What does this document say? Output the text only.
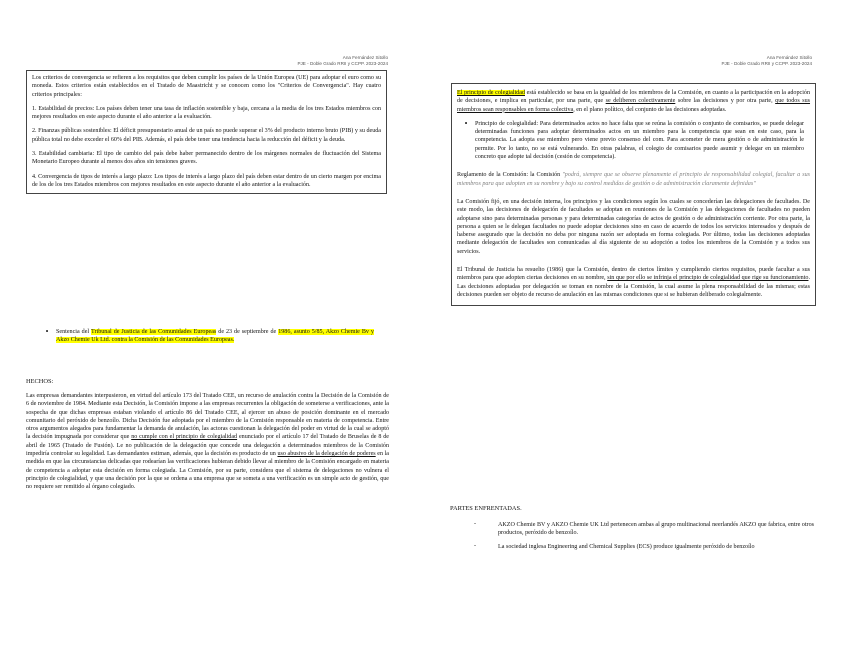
Ana Fernández Sitollo
PJE - Doble Grado RRII y CCPP. 2023-2024

Los criterios de convergencia se refieren a los requisitos que deben cumplir los países de la Unión Europea (UE) para adoptar el euro como su moneda. Estos criterios están establecidos en el Tratado de Maastricht y se conocen como los "Criterios de Convergencia". Hay cuatro criterios principales:

1. Estabilidad de precios: Los países deben tener una tasa de inflación sostenible y baja, cercana a la media de los tres Estados miembros con mejores resultados en este aspecto durante el año anterior a la evaluación.

2. Finanzas públicas sostenibles: El déficit presupuestario anual de un país no puede superar el 3% del producto interno bruto (PIB) y su deuda pública total no debe exceder el 60% del PIB. Además, el país debe tener una tendencia hacia la reducción del déficit y la deuda.

3. Estabilidad cambiaria: El tipo de cambio del país debe haber permanecido dentro de los márgenes normales de fluctuación del Sistema Monetario Europeo durante al menos dos años sin tensiones graves.

4. Convergencia de tipos de interés a largo plazo: Los tipos de interés a largo plazo del país deben estar dentro de un cierto margen por encima de los de los tres Estados miembros con mejores resultados en este aspecto durante el año anterior a la evaluación.

•	Sentencia del Tribunal de Justicia de las Comunidades Europeas de 23 de septiembre de 1986, asunto 5/85, Akzo Chemie Bv y Akzo Chemie Uk Ltd. contra la Comisión de las Comunidades Europeas.

HECHOS:

Las empresas demandantes interpusieron, en virtud del artículo 173 del Tratado CEE, un recurso de anulación contra la Decisión de la Comisión de 6 de noviembre de 1984. Mediante esta Decisión, la Comisión impone a las empresas recurrentes la obligación de someterse a verificaciones, ante la sospecha de que dichas empresas estaban violando el artículo 86 del Tratado CEE, al ejercer un abuso de posición dominante en el mercado comunitario del peróxido de benzoílo. Dicha Decisión fue adoptada por el miembro de la Comisión responsable en materia de competencia. Entre otros argumentos alegados para fundamentar la demanda de anulación, las actoras cuestionan la delegación del poder en virtud de la cual se adoptó la decisión impugnada por considerar que no cumple con el principio de colegialidad enunciado por el artículo 17 del Tratado de Bruselas de 8 de abril de 1965 (Tratado de Fusión). Le no publicación de la delegación que concede una delegación a determinados miembros de la Comisión impediría controlar su legalidad. Las demandantes estiman, además, que la decisión es producto de un uso abusivo de la delegación de poderes en la medida en que las circunstancias delicadas que rodearían las verificaciones hubieran debido llevar al miembro de la Comisión encargado en materia de competencia a adoptar esta decisión en forma colegiada. La Comisión, por su parte, considera que el sistema de delegaciones no vulnera el principio de colegialidad, y que una decisión por la que se ordena a una empresa que se someta a una verificación es un simple acto de gestión, que no requiere ser remitido al órgano colegiado.

Ana Fernández Sitollo
PJE - Doble Grado RRII y CCPP. 2023-2024

El principio de colegialidad está establecido se basa en la igualdad de los miembros de la Comisión, en cuanto a la participación en la adopción de decisiones, e implica en particular, por una parte, que se deliberen colectivamente sobre las decisiones y por otra parte, que todos sus miembros sean responsables en forma colectiva, en el plano político, del conjunto de las decisiones adoptadas.

•	Principio de colegialidad: Para determinados actos no hace falta que se reúna la comisión o conjunto de comisarios, se puede delegar determinadas funciones para adoptar determinados actos en un miembro para la competencia que sean en este caso, para la competencia. La adopta ese miembro pero viene previo consenso del com. Para acometer de mera gestión o de administración le permite. Por lo tanto, no se está vulnerando. En otras palabras, el colegio de comisarios puede asumir y delegar en un miembro concreto que adopte tal decisión (cesión de competencia).

Reglamento de la Comisión: la Comisión "podrá, siempre que se observe plenamente el principio de responsabilidad colegial, facultar a sus miembros para que adopten en su nombre y bajo su control medidas de gestión o de administración claramente definidas"

La Comisión fijó, en una decisión interna, los principios y las condiciones según los cuales se concederían las delegaciones de facultades. De este modo, las decisiones de delegación de facultades se adoptan en reuniones de la Comisión y las delegaciones de facultades no pueden adoptarse sino para determinadas personas y para determinadas categorías de actos de gestión o de administración corriente. Por otra parte, la persona a quien se le delegan facultades no puede adoptar decisiones sino en caso de acuerdo de todos los servicios interesados y después de haberse asegurado que la decisión no deba por ninguna razón ser adoptada en forma colegiada. Por último, todas las decisiones adoptadas mediante delegación de facultades son comunicadas al día siguiente de su adopción a todos los miembros de la Comisión y a todos sus servicios.

El Tribunal de Justicia ha resuelto (1986) que la Comisión, dentro de ciertos límites y cumpliendo ciertos requisitos, puede facultar a sus miembros para que adopten ciertas decisiones en su nombre, sin que por ello se infrinja el principio de colegialidad que rige su funcionamiento. Las decisiones adoptadas por delegación se toman en nombre de la Comisión, la cual asume la plena responsabilidad de las mismas; estas decisiones pueden ser objeto de recurso de anulación en las mismas condiciones que si se hubieran deliberado colegialmente.

PARTES ENFRENTADAS.
-	AKZO Chemie BV y AKZO Chemie UK Ltd pertenecen ambas al grupo multinacional neerlandés AKZO que fabrica, entre otros productos, peróxido de benzoílo.

-	La sociedad inglesa Engineering and Chemical Supplies (ECS) produce igualmente peróxido de benzoílo
